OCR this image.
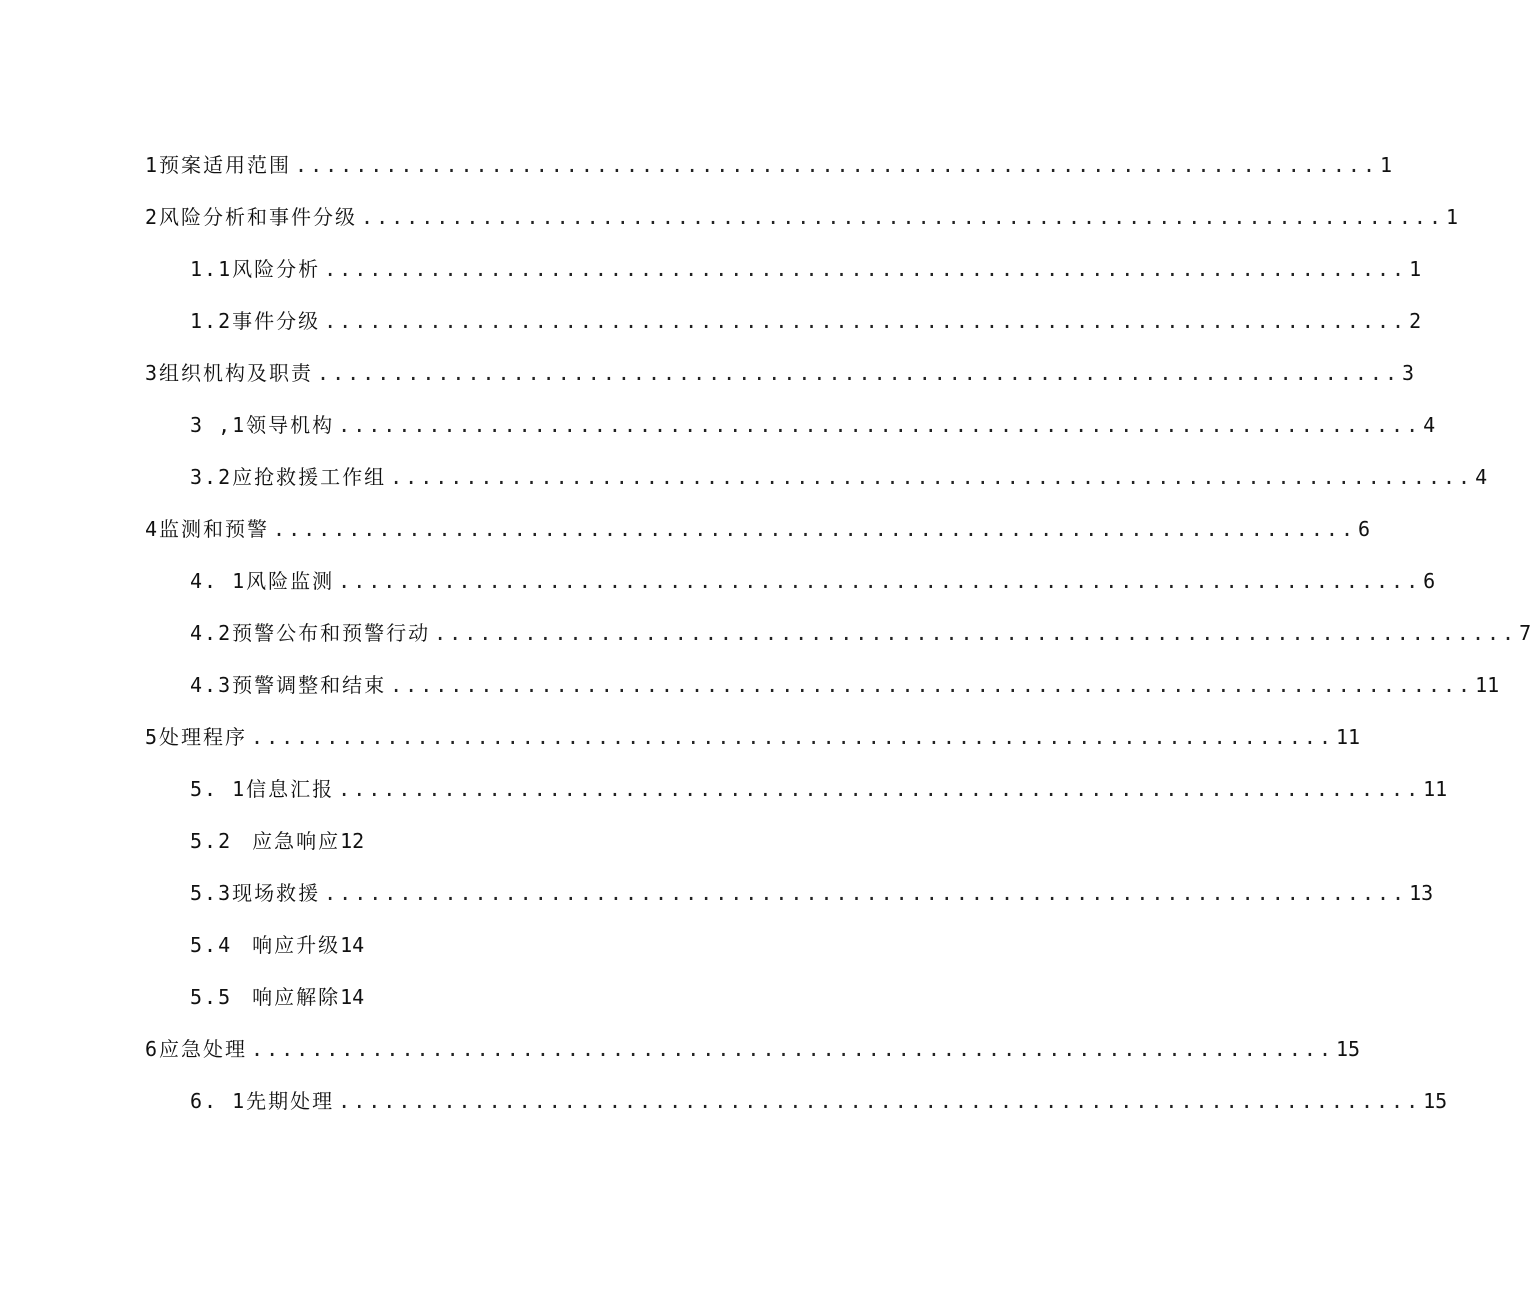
1 预案适用范围 ........................................................................ 1
2 风险分析和事件分级 ........................................................................ 1
1.1 风险分析 ........................................................................ 1
1.2 事件分级 ........................................................................ 2
3 组织机构及职责 ........................................................................ 3
3 ,1 领导机构 ........................................................................ 4
3.2 应抢救援工作组 ........................................................................ 4
4 监测和预警 ........................................................................ 6
4. 1 风险监测 ........................................................................ 6
4.2 预警公布和预警行动 ........................................................................ 7
4.3 预警调整和结束 ........................................................................ 11
5 处理程序 ........................................................................ 11
5. 1 信息汇报 ........................................................................ 11
5.2 应急响应 12
5.3 现场救援 ........................................................................ 13
5.4 响应升级 14
5.5 响应解除 14
6 应急处理 ........................................................................ 15
6. 1 先期处理 ........................................................................ 15
